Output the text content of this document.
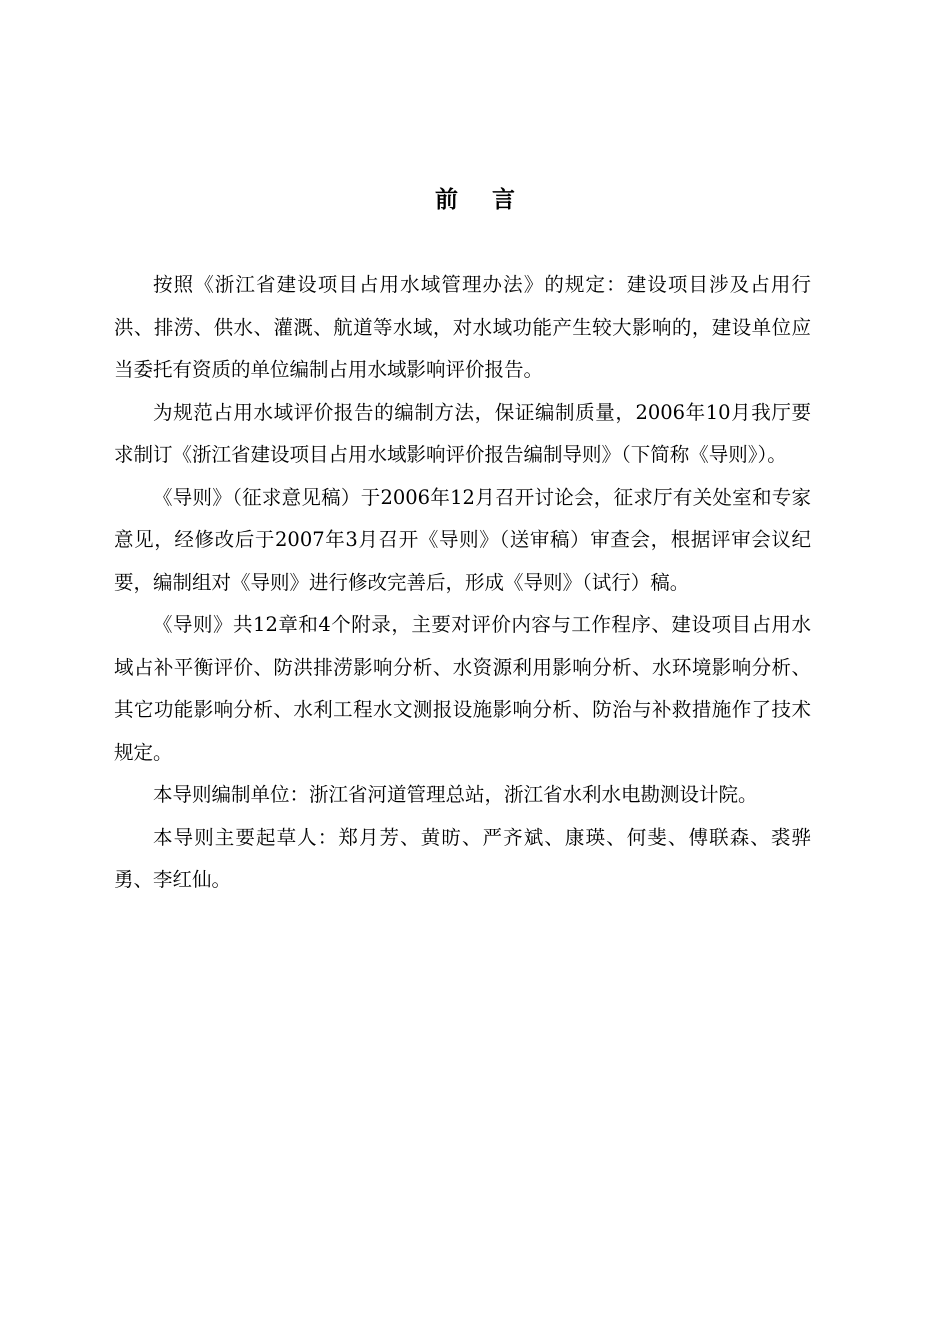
前言

按照《浙江省建设项目占用水域管理办法》的规定：建设项目涉及占用行洪、排涝、供水、灌溉、航道等水域，对水域功能产生较大影响的，建设单位应当委托有资质的单位编制占用水域影响评价报告。

为规范占用水域评价报告的编制方法，保证编制质量，2006年10月我厅要求制订《浙江省建设项目占用水域影响评价报告编制导则》（下简称《导则》）。

《导则》（征求意见稿）于2006年12月召开讨论会，征求厅有关处室和专家意见，经修改后于2007年3月召开《导则》（送审稿）审查会，根据评审会议纪要，编制组对《导则》进行修改完善后，形成《导则》（试行）稿。

《导则》共12章和4个附录，主要对评价内容与工作程序、建设项目占用水域占补平衡评价、防洪排涝影响分析、水资源利用影响分析、水环境影响分析、其它功能影响分析、水利工程水文测报设施影响分析、防治与补救措施作了技术规定。

本导则编制单位：浙江省河道管理总站，浙江省水利水电勘测设计院。

本导则主要起草人：郑月芳、黄昉、严齐斌、康瑛、何斐、傅联森、裘骅勇、李红仙。
